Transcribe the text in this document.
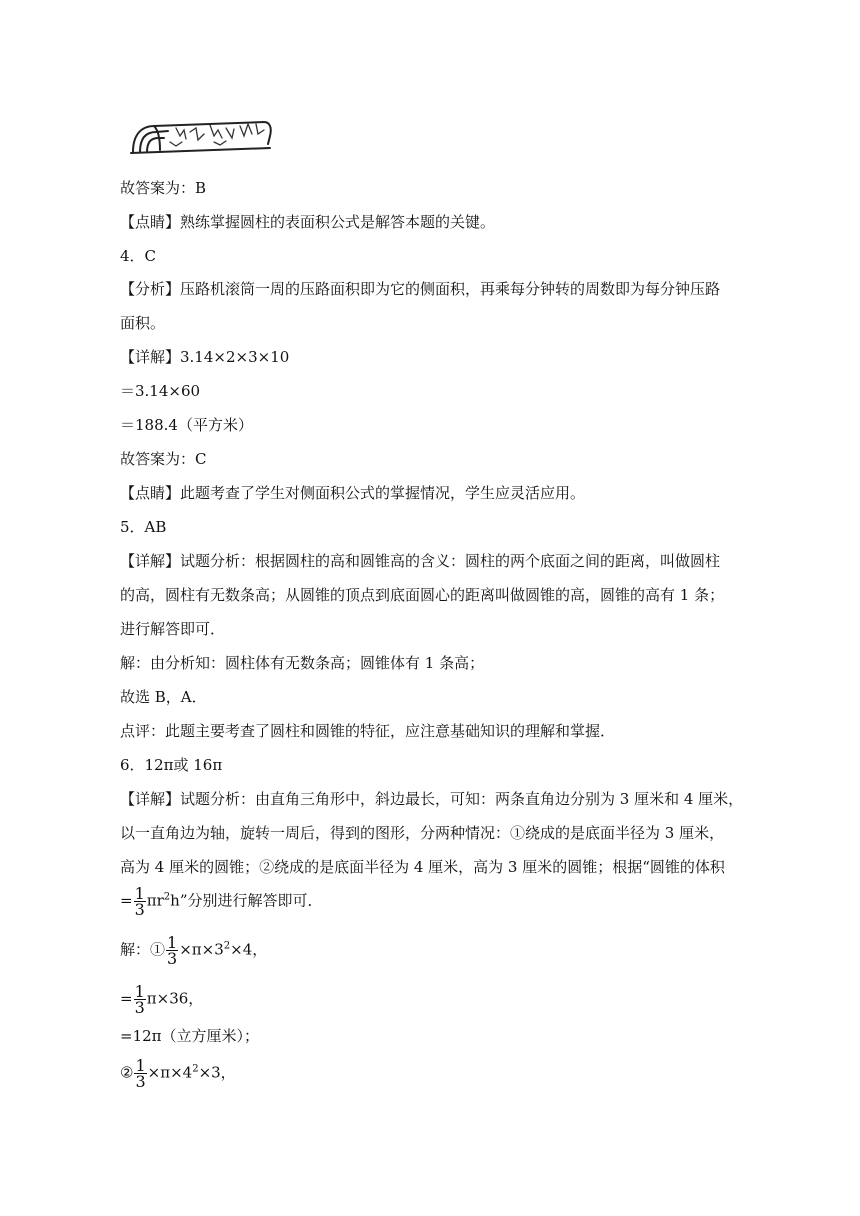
故答案为：B
【点睛】熟练掌握圆柱的表面积公式是解答本题的关键。
4．C
【分析】压路机滚筒一周的压路面积即为它的侧面积，再乘每分钟转的周数即为每分钟压路
面积。
【详解】3.14×2×3×10
＝3.14×60
＝188.4（平方米）
故答案为：C
【点睛】此题考查了学生对侧面积公式的掌握情况，学生应灵活应用。
5．AB
【详解】试题分析：根据圆柱的高和圆锥高的含义：圆柱的两个底面之间的距离，叫做圆柱
的高，圆柱有无数条高；从圆锥的顶点到底面圆心的距离叫做圆锥的高，圆锥的高有 1 条；
进行解答即可．
解：由分析知：圆柱体有无数条高；圆锥体有 1 条高；
故选 B，A．
点评：此题主要考查了圆柱和圆锥的特征，应注意基础知识的理解和掌握．
6．12π或 16π
【详解】试题分析：由直角三角形中，斜边最长，可知：两条直角边分别为 3 厘米和 4 厘米，
以一直角边为轴，旋转一周后，得到的图形，分两种情况：①绕成的是底面半径为 3 厘米，
高为 4 厘米的圆锥；②绕成的是底面半径为 4 厘米，高为 3 厘米的圆锥；根据“圆锥的体积
= $\frac{1}{3} \pi r^2h$”分别进行解答即可．
解：① $\frac{1}{3} \times\pi\times 3^2\times 4$，
= $\frac{1}{3} \pi\times 36$，
=12π（立方厘米）；
② $\frac{1}{3} \times\pi\times 4^2\times 3$，
